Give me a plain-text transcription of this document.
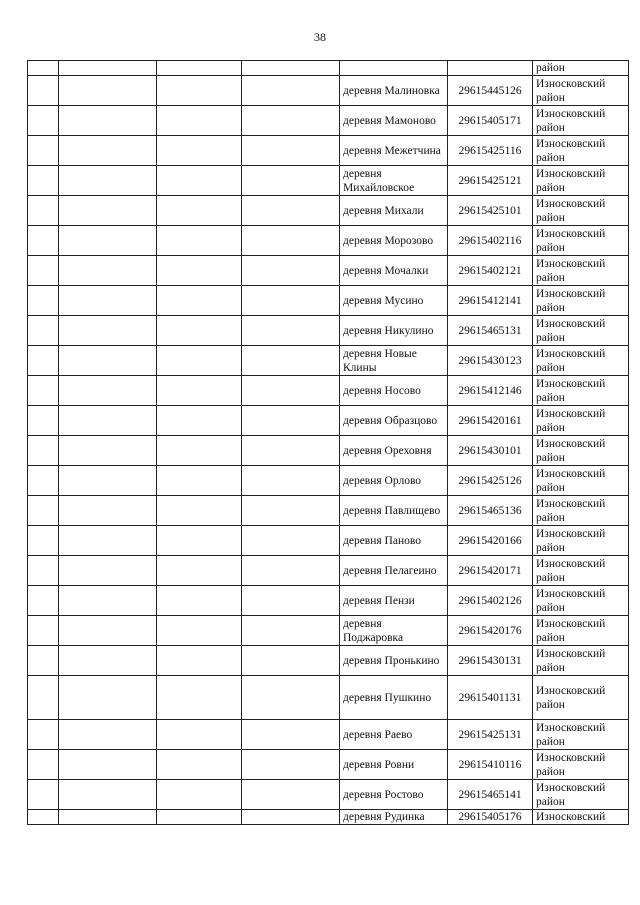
38
						район
				деревня Малиновка	29615445126	Износковский район
				деревня Мамоново	29615405171	Износковский район
				деревня Межетчина	29615425116	Износковский район
				деревня Михайловское	29615425121	Износковский район
				деревня Михали	29615425101	Износковский район
				деревня Морозово	29615402116	Износковский район
				деревня Мочалки	29615402121	Износковский район
				деревня Мусино	29615412141	Износковский район
				деревня Никулино	29615465131	Износковский район
				деревня Новые Клины	29615430123	Износковский район
				деревня Носово	29615412146	Износковский район
				деревня Образцово	29615420161	Износковский район
				деревня Ореховня	29615430101	Износковский район
				деревня Орлово	29615425126	Износковский район
				деревня Павлищево	29615465136	Износковский район
				деревня Паново	29615420166	Износковский район
				деревня Пелагеино	29615420171	Износковский район
				деревня Пензи	29615402126	Износковский район
				деревня Поджаровка	29615420176	Износковский район
				деревня Пронькино	29615430131	Износковский район
				деревня Пушкино	29615401131	Износковский район
				деревня Раево	29615425131	Износковский район
				деревня Ровни	29615410116	Износковский район
				деревня Ростово	29615465141	Износковский район
				деревня Рудинка	29615405176	Износковский
